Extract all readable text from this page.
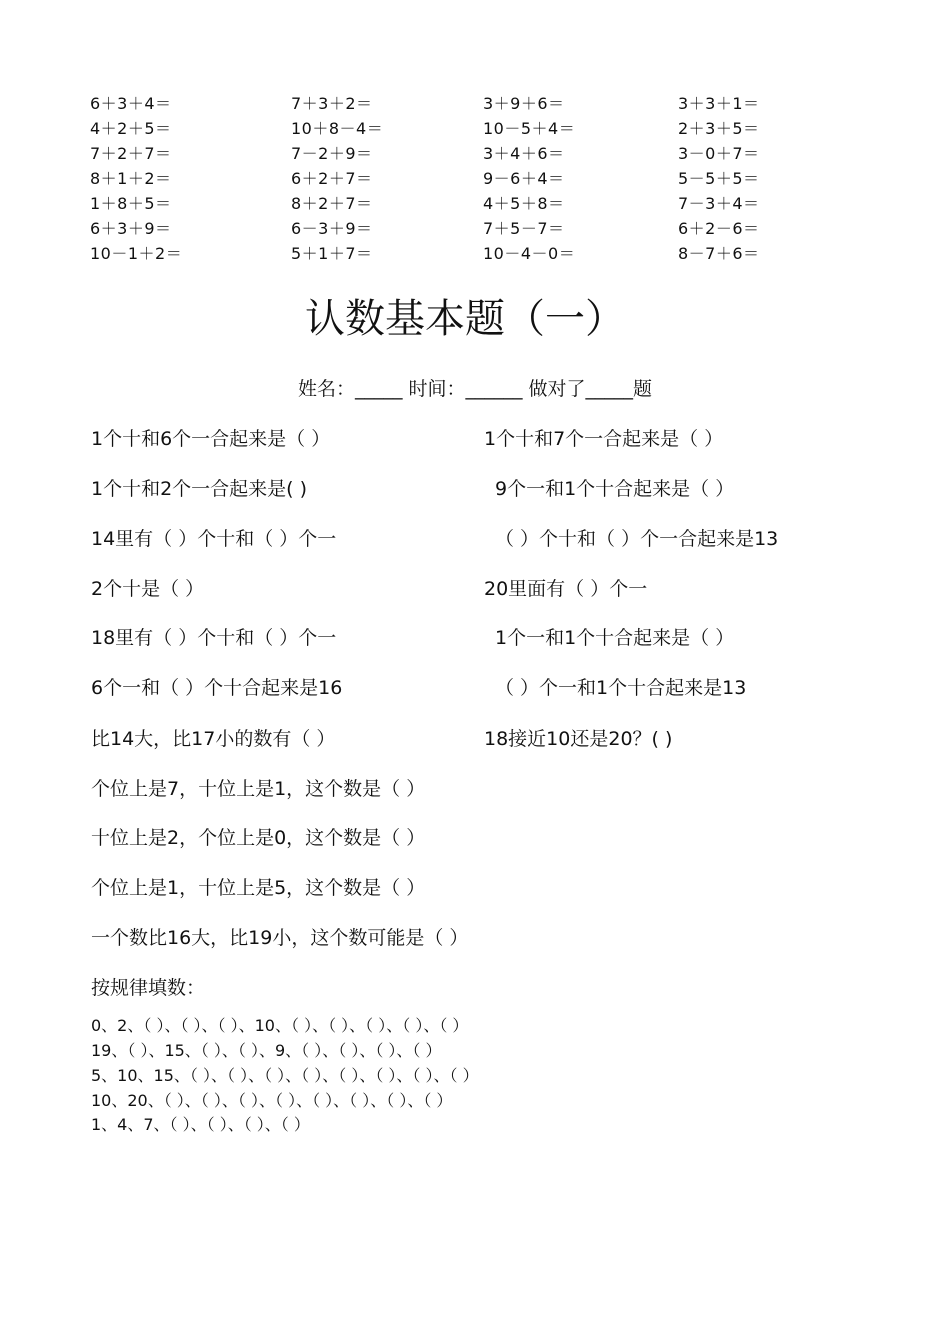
6＋3＋4＝	7＋3＋2＝	3＋9＋6＝	3＋3＋1＝
4＋2＋5＝	10＋8－4＝	10－5＋4＝	2＋3＋5＝
7＋2＋7＝	7－2＋9＝	3＋4＋6＝	3－0＋7＝
8＋1＋2＝	6＋2＋7＝	9－6＋4＝	5－5＋5＝
1＋8＋5＝	8＋2＋7＝	4＋5＋8＝	7－3＋4＝
6＋3＋9＝	6－3＋9＝	7＋5－7＝	6＋2－6＝
10－1＋2＝	5＋1＋7＝	10－4－0＝	8－7＋6＝
认数基本题（一）
姓名：_____ 时间：______ 做对了_____题
1个十和6个一合起来是（ ）	1个十和7个一合起来是（ ）
1个十和2个一合起来是( )	9个一和1个十合起来是（ ）
14里有（ ）个十和（ ）个一	（ ）个十和（ ）个一合起来是13
2个十是（ ）	20里面有（ ）个一
18里有（ ）个十和（ ）个一	1个一和1个十合起来是（ ）
6个一和（ ）个十合起来是16	（ ）个一和1个十合起来是13
比14大，比17小的数有（ ）	18接近10还是20？( )
个位上是7，十位上是1，这个数是（ ）
十位上是2，个位上是0，这个数是（ ）
个位上是1，十位上是5，这个数是（ ）
一个数比16大，比19小，这个数可能是（ ）
按规律填数：
0、2、（ ）、（ ）、（ ）、10、（ ）、（ ）、（ ）、（ ）、（ ）
19、（ ）、15、（ ）、（ ）、9、（ ）、（ ）、（ ）、（ ）
5、10、15、（ ）、（ ）、（ ）、（ ）、（ ）、（ ）、（ ）、（ ）
10、20、（ ）、（ ）、（ ）、（ ）、（ ）、（ ）、（ ）、（ ）
1、4、7、（ ）、（ ）、（ ）、（ ）
